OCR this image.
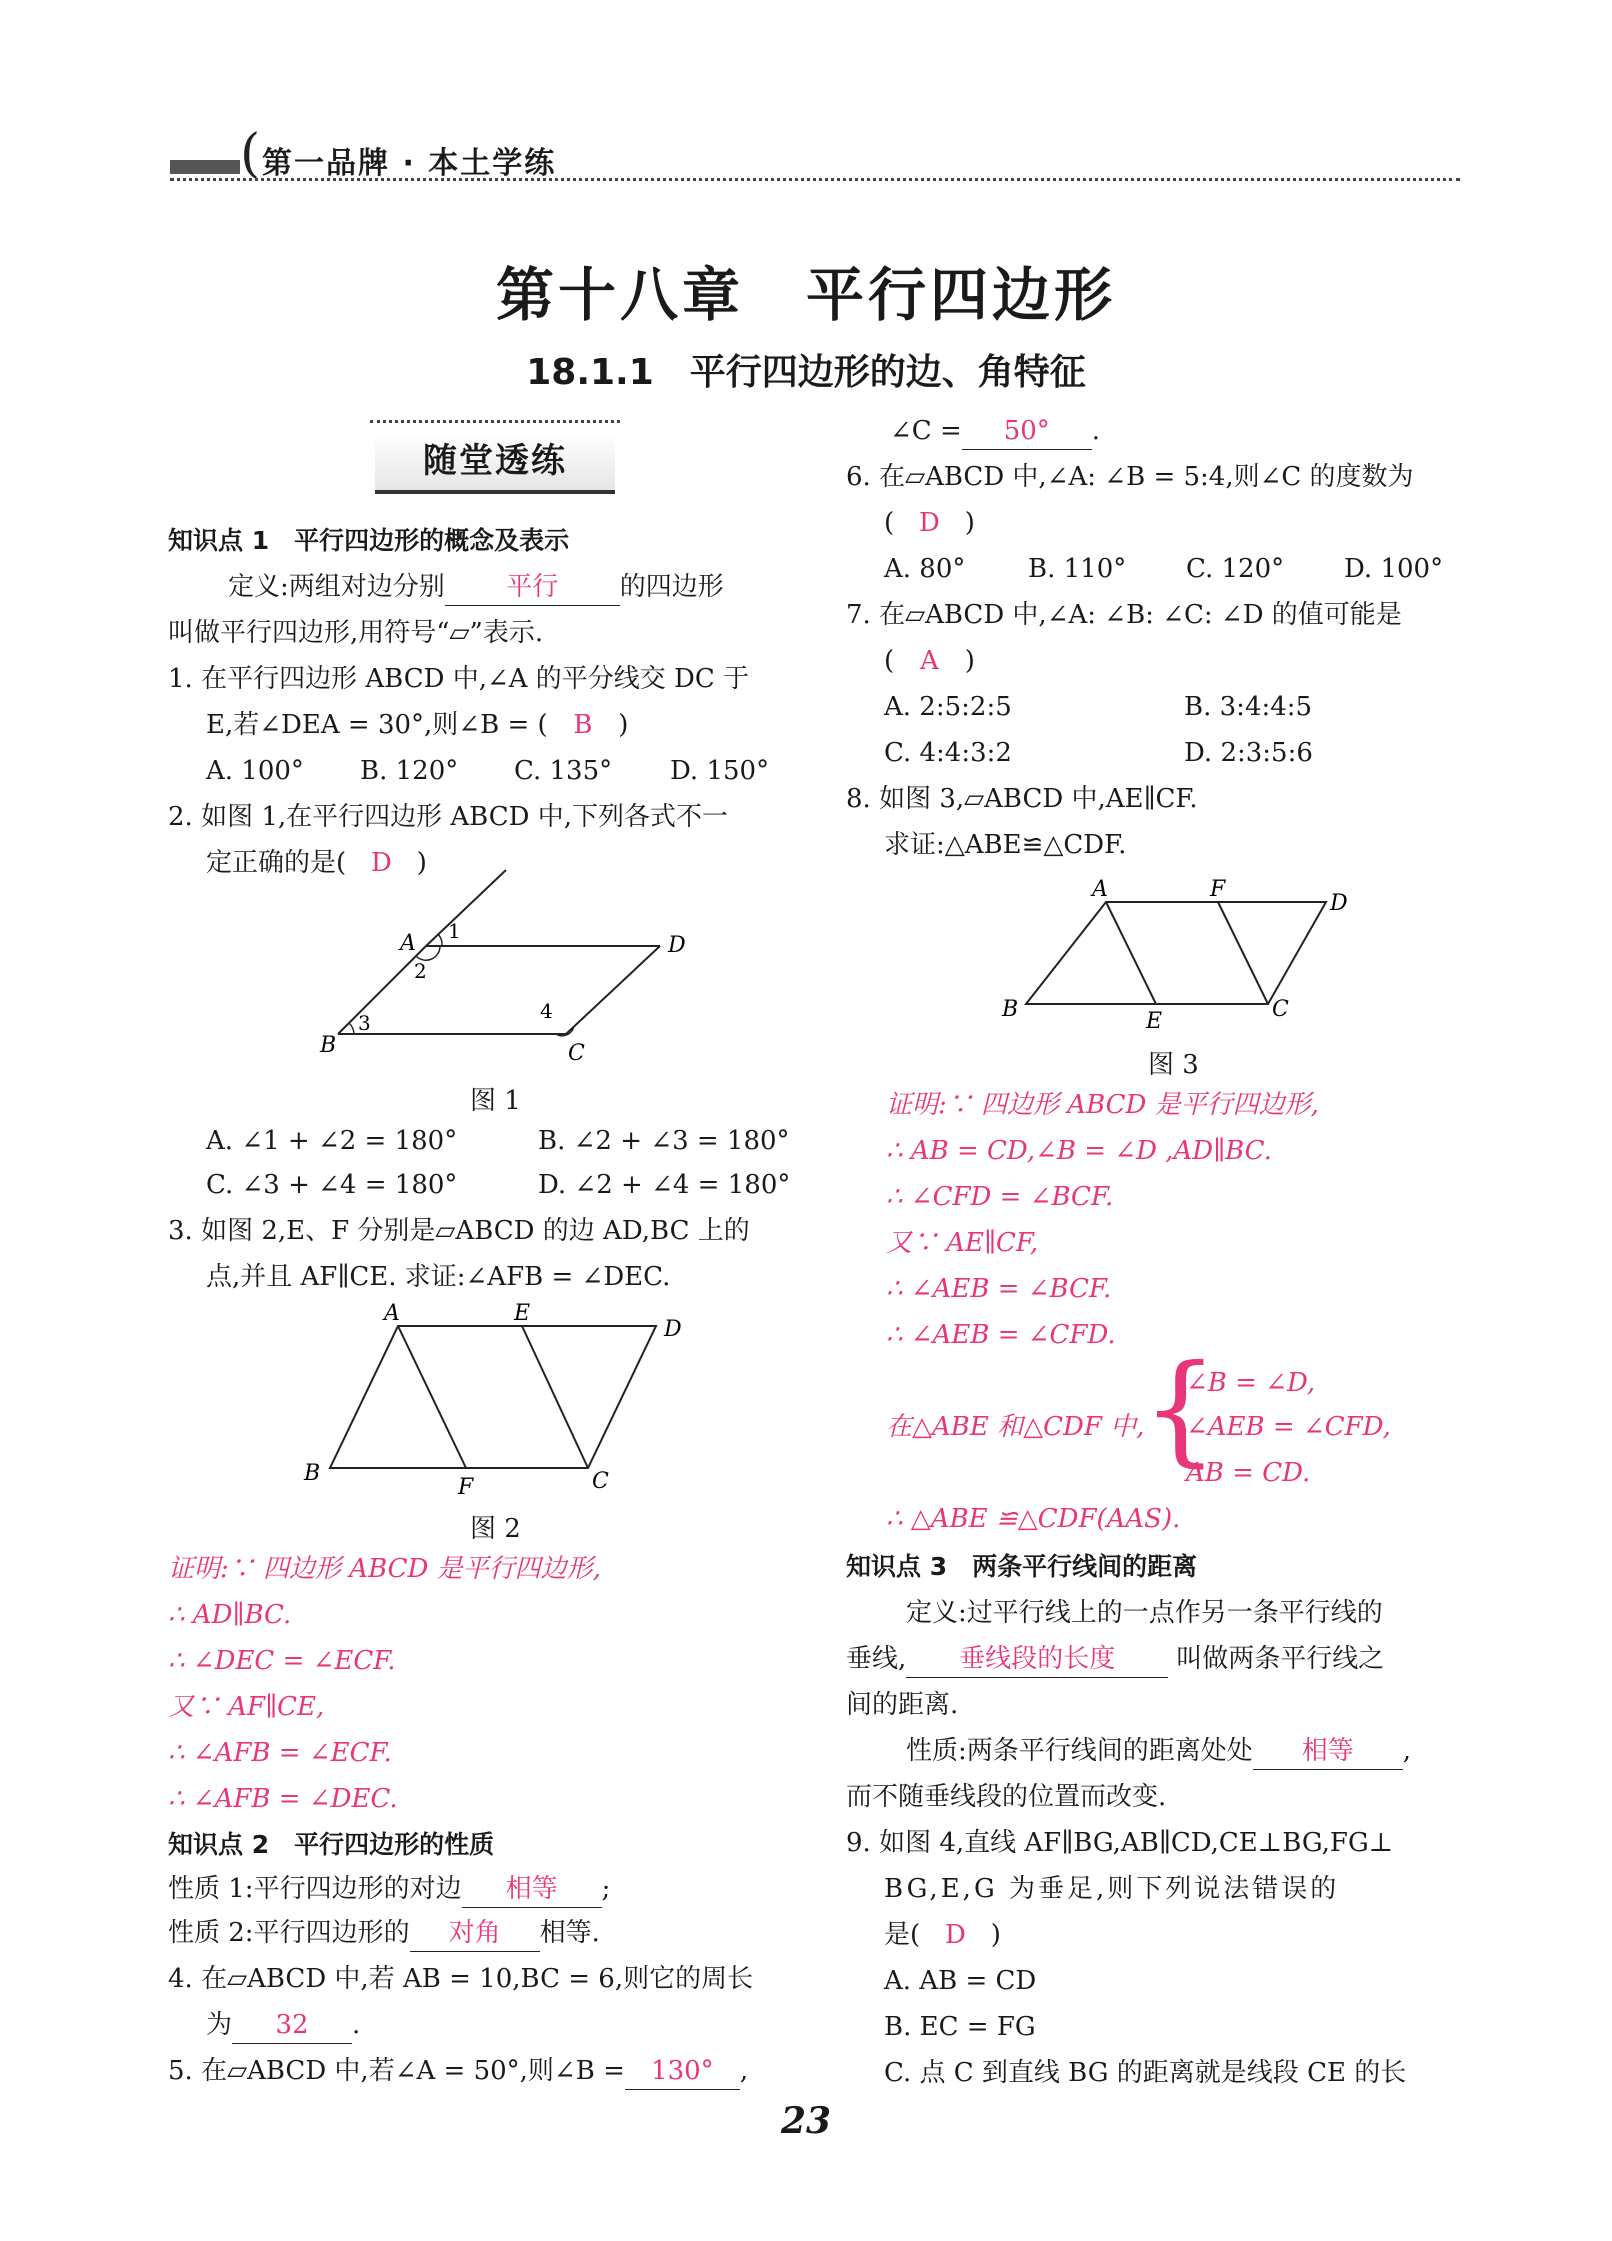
( 第一品牌 · 本土学练
第十八章　平行四边形
18.1.1　平行四边形的边、角特征
随堂透练
知识点 1　平行四边形的概念及表示
定义:两组对边分别 平行 的四边形
叫做平行四边形,用符号“▱”表示.
1. 在平行四边形 ABCD 中,∠A 的平分线交 DC 于
E,若∠DEA = 30°,则∠B = ( B )
A. 100° B. 120° C. 135° D. 150°
2. 如图 1,在平行四边形 ABCD 中,下列各式不一
定正确的是( D )
A	D
B	C
1
2
3	4
图 1
A. ∠1 + ∠2 = 180°	B. ∠2 + ∠3 = 180°
C. ∠3 + ∠4 = 180°	D. ∠2 + ∠4 = 180°
3. 如图 2,E、F 分别是▱ABCD 的边 AD,BC 上的
点,并且 AF∥CE. 求证:∠AFB = ∠DEC.
A	E
D
B
F	C
图 2
证明:∵ 四边形 ABCD 是平行四边形,
∴ AD∥BC.
∴ ∠DEC = ∠ECF.
又∵ AF∥CE,
∴ ∠AFB = ∠ECF.
∴ ∠AFB = ∠DEC.
知识点 2　平行四边形的性质
性质 1:平行四边形的对边 相等 ;
性质 2:平行四边形的 对角 相等.
4. 在▱ABCD 中,若 AB = 10,BC = 6,则它的周长
为 32 .
5. 在▱ABCD 中,若∠A = 50°,则∠B = 130° ,
∠C = 50° .
6. 在▱ABCD 中,∠A: ∠B = 5:4,则∠C 的度数为
( D )
A. 80° B. 110° C. 120° D. 100°
7. 在▱ABCD 中,∠A: ∠B: ∠C: ∠D 的值可能是
( A )
A. 2:5:2:5	B. 3:4:4:5
C. 4:4:3:2	D. 2:3:5:6
8. 如图 3,▱ABCD 中,AE∥CF.
求证:△ABE≌△CDF.
A	F
D
B	E	C
图 3
证明:∵ 四边形 ABCD 是平行四边形,
∴ AB = CD,∠B = ∠D ,AD∥BC.
∴ ∠CFD = ∠BCF.
又∵ AE∥CF,
∴ ∠AEB = ∠BCF.
∴ ∠AEB = ∠CFD.
在△ABE 和△CDF 中,
{
∠B = ∠D,
∠AEB = ∠CFD,
AB = CD.
∴ △ABE ≌△CDF(AAS).
知识点 3　两条平行线间的距离
定义:过平行线上的一点作另一条平行线的
垂线, 垂线段的长度 叫做两条平行线之
间的距离.
性质:两条平行线间的距离处处 相等 ,
而不随垂线段的位置而改变.
9. 如图 4,直线 AF∥BG,AB∥CD,CE⊥BG,FG⊥
BG,E,G 为垂足,则下列说法错误的
是( D )
A. AB = CD
B. EC = FG
C. 点 C 到直线 BG 的距离就是线段 CE 的长
23
